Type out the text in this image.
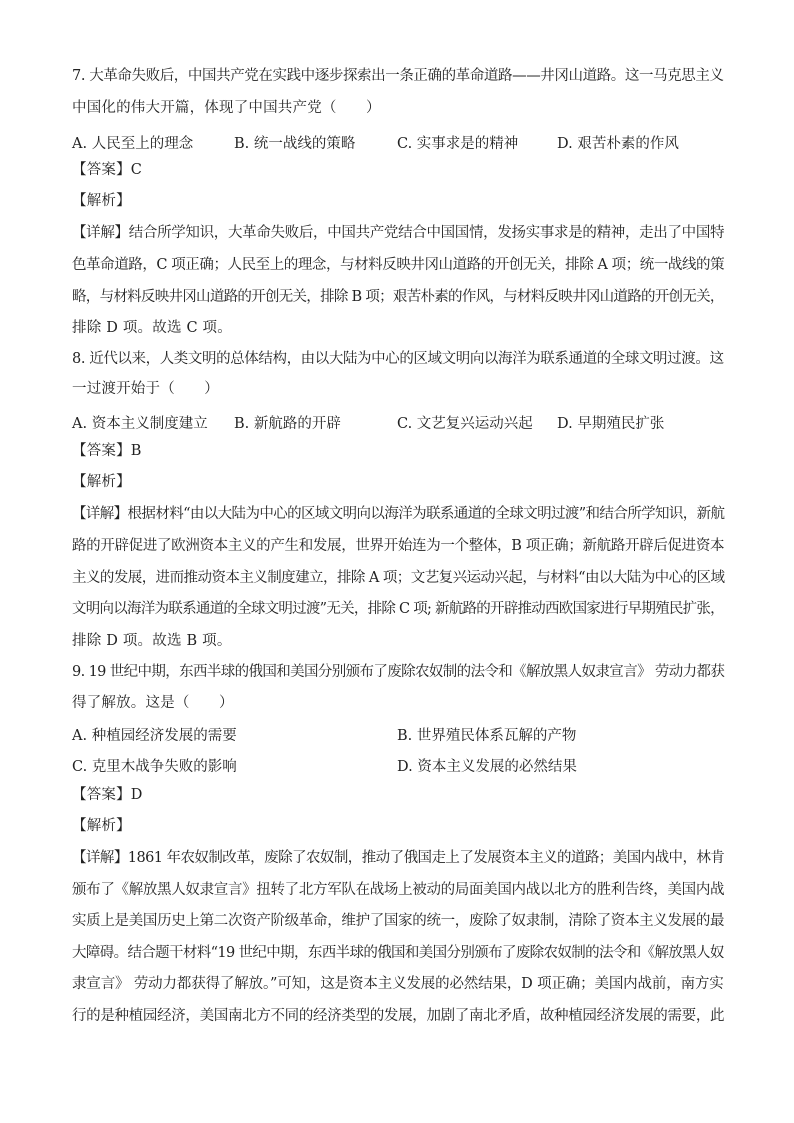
7. 大革命失败后，中国共产党在实践中逐步探索出一条正确的革命道路——井冈山道路。这一马克思主义
中国化的伟大开篇，体现了中国共产党（　　）
A. 人民至上的理念	B. 统一战线的策略	C. 实事求是的精神	D. 艰苦朴素的作风
【答案】C
【解析】
【详解】结合所学知识，大革命失败后，中国共产党结合中国国情，发扬实事求是的精神，走出了中国特
色革命道路，C 项正确；人民至上的理念，与材料反映井冈山道路的开创无关，排除 A 项；统一战线的策
略，与材料反映井冈山道路的开创无关，排除 B 项；艰苦朴素的作风，与材料反映井冈山道路的开创无关，
排除 D 项。故选 C 项。
8. 近代以来，人类文明的总体结构，由以大陆为中心的区域文明向以海洋为联系通道的全球文明过渡。这
一过渡开始于（　　）
A. 资本主义制度建立 B. 新航路的开辟	C. 文艺复兴运动兴起 D. 早期殖民扩张
【答案】B
【解析】
【详解】根据材料“由以大陆为中心的区域文明向以海洋为联系通道的全球文明过渡”和结合所学知识，新航
路的开辟促进了欧洲资本主义的产生和发展，世界开始连为一个整体，B 项正确；新航路开辟后促进资本
主义的发展，进而推动资本主义制度建立，排除 A 项；文艺复兴运动兴起，与材料“由以大陆为中心的区域
文明向以海洋为联系通道的全球文明过渡”无关，排除 C 项; 新航路的开辟推动西欧国家进行早期殖民扩张，
排除 D 项。故选 B 项。
9. 19 世纪中期，东西半球的俄国和美国分别颁布了废除农奴制的法令和《解放黑人奴隶宣言》 劳动力都获
得了解放。这是（　　）
A. 种植园经济发展的需要	B. 世界殖民体系瓦解的产物
C. 克里木战争失败的影响	D. 资本主义发展的必然结果
【答案】D
【解析】
【详解】1861 年农奴制改革，废除了农奴制，推动了俄国走上了发展资本主义的道路；美国内战中，林肯
颁布了《解放黑人奴隶宣言》扭转了北方军队在战场上被动的局面美国内战以北方的胜利告终，美国内战
实质上是美国历史上第二次资产阶级革命，维护了国家的统一，废除了奴隶制，清除了资本主义发展的最
大障碍。结合题干材料“19 世纪中期，东西半球的俄国和美国分别颁布了废除农奴制的法令和《解放黑人奴
隶宣言》 劳动力都获得了解放。”可知，这是资本主义发展的必然结果，D 项正确；美国内战前，南方实
行的是种植园经济，美国南北方不同的经济类型的发展，加剧了南北矛盾，故种植园经济发展的需要，此
